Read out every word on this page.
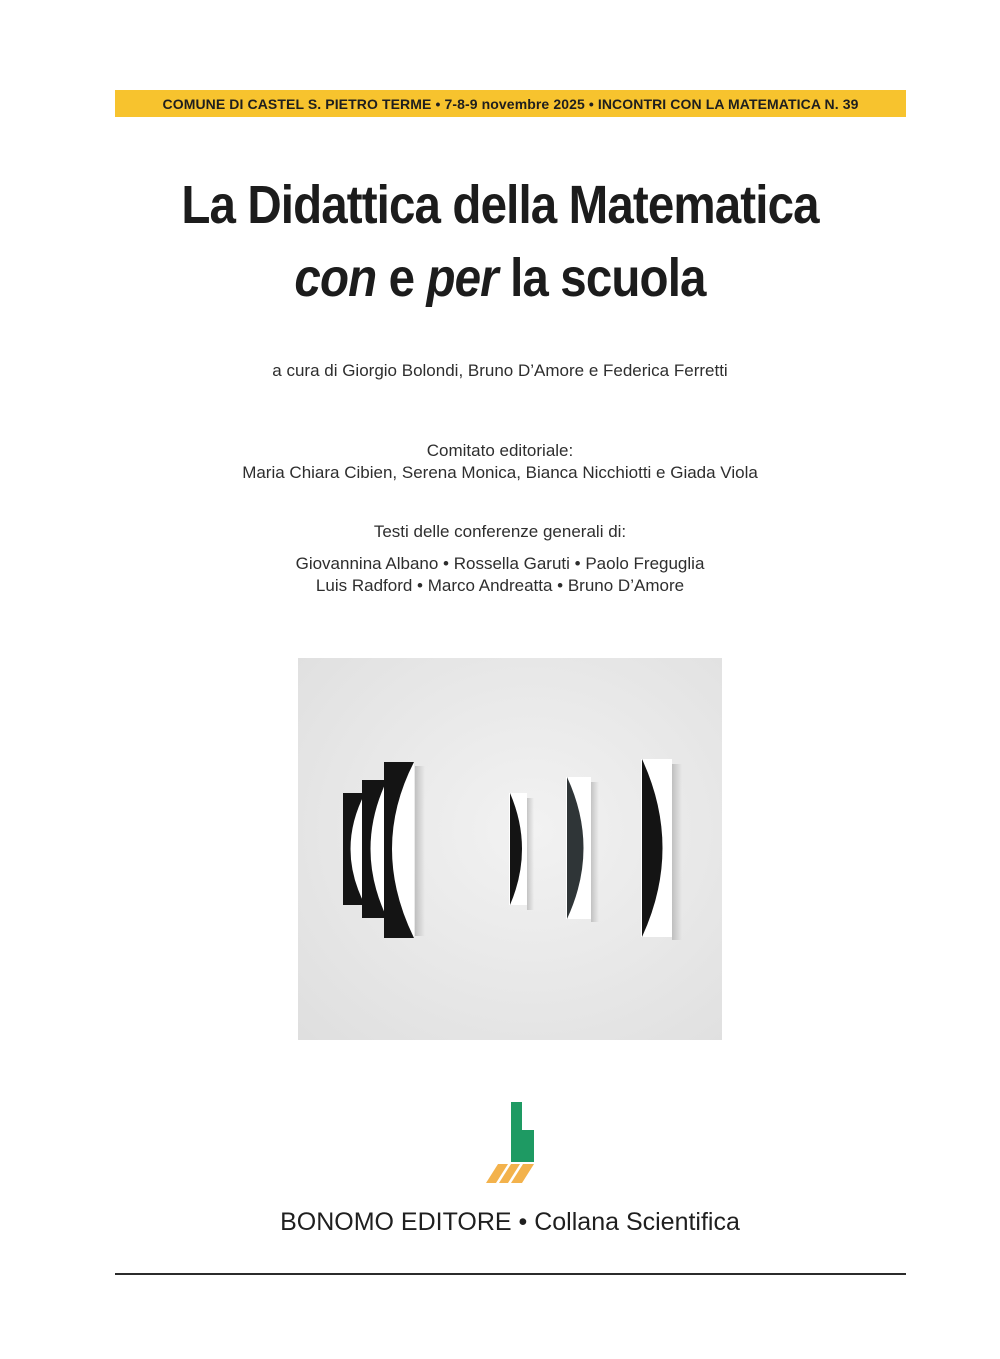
COMUNE DI CASTEL S. PIETRO TERME • 7-8-9 novembre 2025 • INCONTRI CON LA MATEMATICA N. 39
La Didattica della Matematica
con e per la scuola
a cura di Giorgio Bolondi, Bruno D’Amore e Federica Ferretti
Comitato editoriale:
Maria Chiara Cibien, Serena Monica, Bianca Nicchiotti e Giada Viola
Testi delle conferenze generali di:
Giovannina Albano • Rossella Garuti • Paolo Freguglia
Luis Radford • Marco Andreatta • Bruno D’Amore
BONOMO EDITORE • Collana Scientifica
